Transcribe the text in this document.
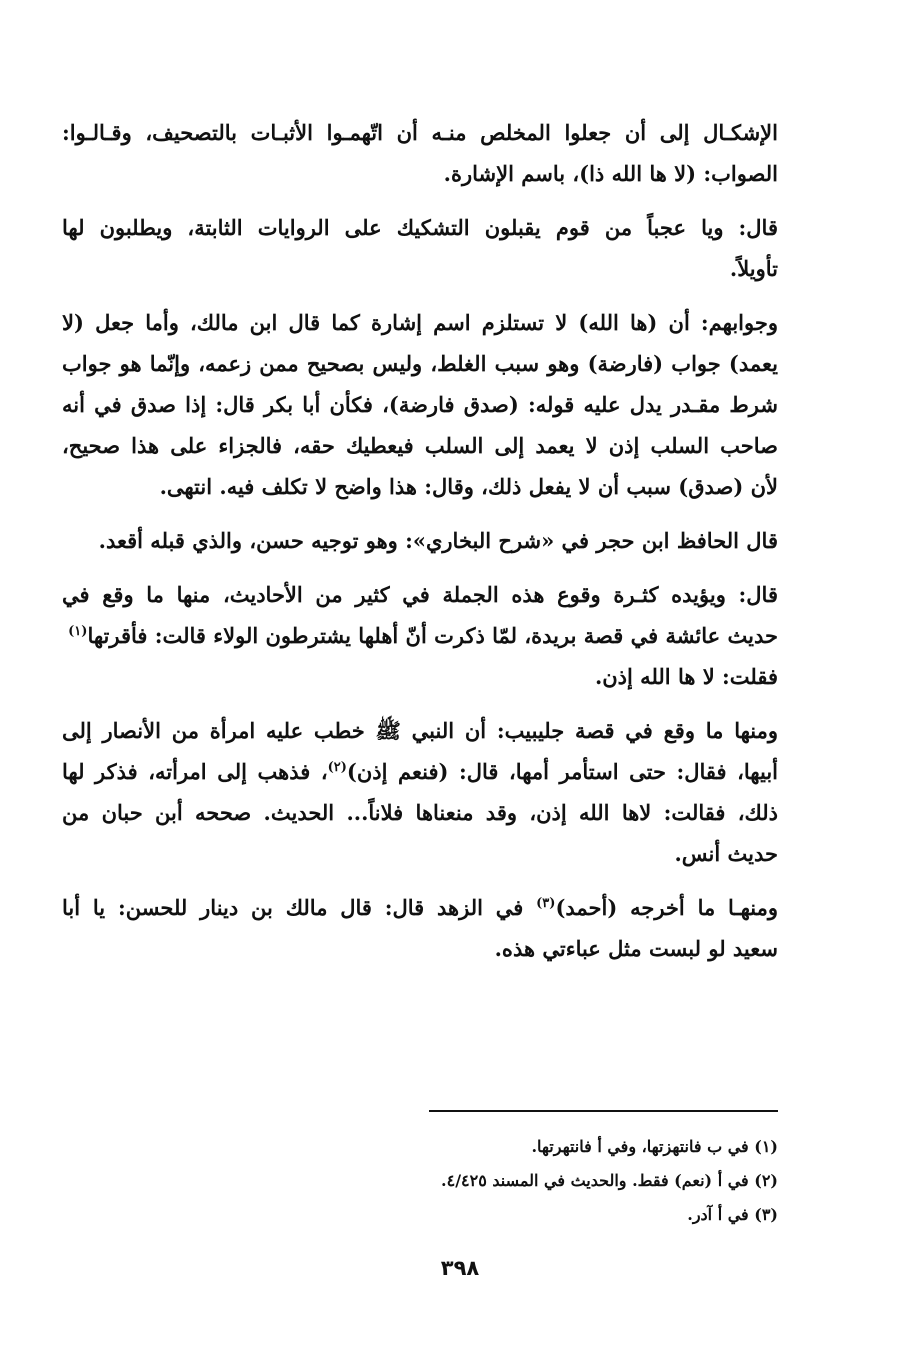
الإشكـال إلى أن جعلوا المخلص منـه أن اتّهمـوا الأثبـات بالتصحيف، وقـالـوا:
الصواب: (لا ها الله ذا)، باسم الإشارة.
قال: ويا عجباً من قوم يقبلون التشكيك على الروايات الثابتة، ويطلبون لها
تأويلاً.
وجوابهم: أن (ها الله) لا تستلزم اسم إشارة كما قال ابن مالك، وأما جعل (لا
يعمد) جواب (فارضة) وهو سبب الغلط، وليس بصحيح ممن زعمه، وإنّما هو جواب
شرط مقـدر يدل عليه قوله: (صدق فارضة)، فكأن أبا بكر قال: إذا صدق في أنه
صاحب السلب إذن لا يعمد إلى السلب فيعطيك حقه، فالجزاء على هذا صحيح،
لأن (صدق) سبب أن لا يفعل ذلك، وقال: هذا واضح لا تكلف فيه. انتهى.
قال الحافظ ابن حجر في «شرح البخاري»: وهو توجيه حسن، والذي قبله أقعد.
قال: ويؤيده كثـرة وقوع هذه الجملة في كثير من الأحاديث، منها ما وقع في
حديث عائشة في قصة بريدة، لمّا ذكرت أنّ أهلها يشترطون الولاء قالت: فأقرتها$^{(١)}$
فقلت: لا ها الله إذن.
ومنها ما وقع في قصة جليبيب: أن النبي ﷺ خطب عليه امرأة من الأنصار إلى
أبيها، فقال: حتى استأمر أمها، قال: (فنعم إذن)$^{(٢)}$، فذهب إلى امرأته، فذكر لها
ذلك، فقالت: لاها الله إذن، وقد منعناها فلاناً... الحديث. صححه أبن حبان من
حديث أنس.
ومنهـا ما أخرجه (أحمد)$^{(٣)}$ في الزهد قال: قال مالك بن دينار للحسن: يا أبا
سعيد لو لبست مثل عباءتي هذه.
(١) في ب فانتهزتها، وفي أ فانتهرتها.
(٢) في أ (نعم) فقط. والحديث في المسند ٤/٤٢٥.
(٣) في أ آدر.
٣٩٨
